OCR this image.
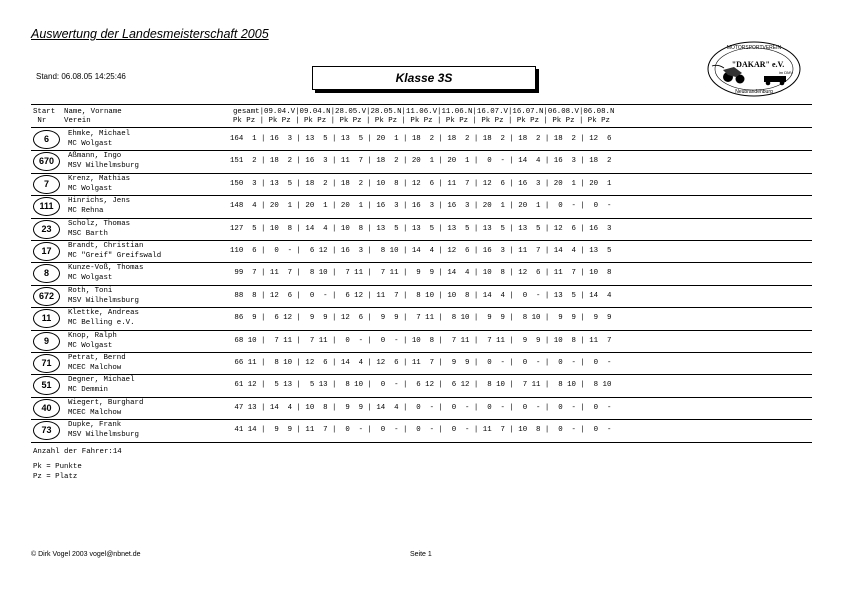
Auswertung der Landesmeisterschaft 2005
Stand: 06.08.05 14:25:46	Klasse 3S
MOTORSPORTVEREIN
"DAKAR" e.V.
im DMV
Neubrandenburg
Start  Name, Vorname
Nr    Verein
gesamt|09.04.V|09.04.N|28.05.V|28.05.N|11.06.V|11.06.N|16.07.V|16.07.N|06.08.V|06.08.N
Pk Pz | Pk Pz | Pk Pz | Pk Pz | Pk Pz | Pk Pz | Pk Pz | Pk Pz | Pk Pz | Pk Pz | Pk Pz
6	Ehmke, Michael
MC Wolgast
164  1 | 16  3 | 13  5 | 13  5 | 20  1 | 18  2 | 18  2 | 18  2 | 18  2 | 18  2 | 12  6
670	Aßmann, Ingo
MSV Wilhelmsburg
151  2 | 18  2 | 16  3 | 11  7 | 18  2 | 20  1 | 20  1 |  0  - | 14  4 | 16  3 | 18  2
7	Krenz, Mathias
MC Wolgast
150  3 | 13  5 | 18  2 | 18  2 | 10  8 | 12  6 | 11  7 | 12  6 | 16  3 | 20  1 | 20  1
111	Hinrichs, Jens
MC Rehna
148  4 | 20  1 | 20  1 | 20  1 | 16  3 | 16  3 | 16  3 | 20  1 | 20  1 |  0  - |  0  -
23	Scholz, Thomas
MSC Barth
127  5 | 10  8 | 14  4 | 10  8 | 13  5 | 13  5 | 13  5 | 13  5 | 13  5 | 12  6 | 16  3
17	Brandt, Christian
MC "Greif" Greifswald
110  6 |  0  - |  6 12 | 16  3 |  8 10 | 14  4 | 12  6 | 16  3 | 11  7 | 14  4 | 13  5
8	Kunze-Voß, Thomas
MC Wolgast
99  7 | 11  7 |  8 10 |  7 11 |  7 11 |  9  9 | 14  4 | 10  8 | 12  6 | 11  7 | 10  8
672	Roth, Toni
MSV Wilhelmsburg
88  8 | 12  6 |  0  - |  6 12 | 11  7 |  8 10 | 10  8 | 14  4 |  0  - | 13  5 | 14  4
11	Klettke, Andreas
MC Belling e.V.
86  9 |  6 12 |  9  9 | 12  6 |  9  9 |  7 11 |  8 10 |  9  9 |  8 10 |  9  9 |  9  9
9	Knop, Ralph
MC Wolgast
68 10 |  7 11 |  7 11 |  0  - |  0  - | 10  8 |  7 11 |  7 11 |  9  9 | 10  8 | 11  7
71	Petrat, Bernd
MCEC Malchow
66 11 |  8 10 | 12  6 | 14  4 | 12  6 | 11  7 |  9  9 |  0  - |  0  - |  0  - |  0  -
51	Degner, Michael
MC Demmin
61 12 |  5 13 |  5 13 |  8 10 |  0  - |  6 12 |  6 12 |  8 10 |  7 11 |  8 10 |  8 10
40	Wiegert, Burghard
MCEC Malchow
47 13 | 14  4 | 10  8 |  9  9 | 14  4 |  0  - |  0  - |  0  - |  0  - |  0  - |  0  -
73	Dupke, Frank
MSV Wilhelmsburg
41 14 |  9  9 | 11  7 |  0  - |  0  - |  0  - |  0  - | 11  7 | 10  8 |  0  - |  0  -
Anzahl der Fahrer:14
Pk = Punkte
Pz = Platz
© Dirk Vogel 2003 vogel@nbnet.de	Seite 1
